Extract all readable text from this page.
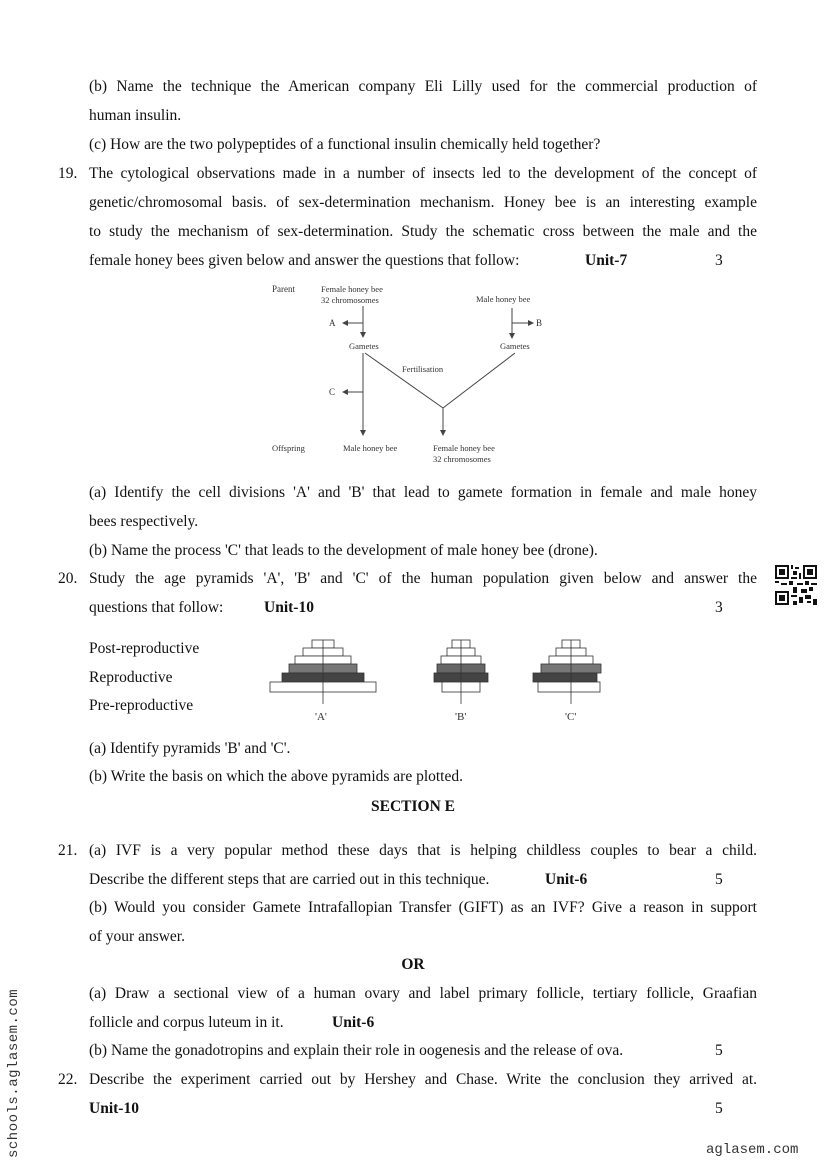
(b) Name the technique the American company Eli Lilly used for the commercial production of
human insulin.
(c) How are the two polypeptides of a functional insulin chemically held together?
19. The cytological observations made in a number of insects led to the development of the concept of
genetic/chromosomal basis. of sex-determination mechanism. Honey bee is an interesting example
to study the mechanism of sex-determination. Study the schematic cross between the male and the
female honey bees given below and answer the questions that follow:	Unit-7	3
Parent	Female honey bee
32 chromosomes	Male honey bee
A	B
Gametes	Gametes
C
Fertilisation
Offspring	Male honey bee	Female honey bee
32 chromosomes
(a) Identify the cell divisions 'A' and 'B' that lead to gamete formation in female and male honey
bees respectively.
(b) Name the process 'C' that leads to the development of male honey bee (drone).
20. Study the age pyramids 'A', 'B' and 'C' of the human population given below and answer the
questions that follow:	Unit-10	3
Post-reproductive
Reproductive
Pre-reproductive
'A'	'B'	'C'
(a) Identify pyramids 'B' and 'C'.
(b) Write the basis on which the above pyramids are plotted.
SECTION E
21. (a) IVF is a very popular method these days that is helping childless couples to bear a child.
Describe the different steps that are carried out in this technique.	Unit-6	5
(b) Would you consider Gamete Intrafallopian Transfer (GIFT) as an IVF? Give a reason in support
of your answer.
OR
(a) Draw a sectional view of a human ovary and label primary follicle, tertiary follicle, Graafian
follicle and corpus luteum in it.	Unit-6
(b) Name the gonadotropins and explain their role in oogenesis and the release of ova.	5
22. Describe the experiment carried out by Hershey and Chase. Write the conclusion they arrived at.
Unit-10	5
schools.aglasem.com	aglasem.com
